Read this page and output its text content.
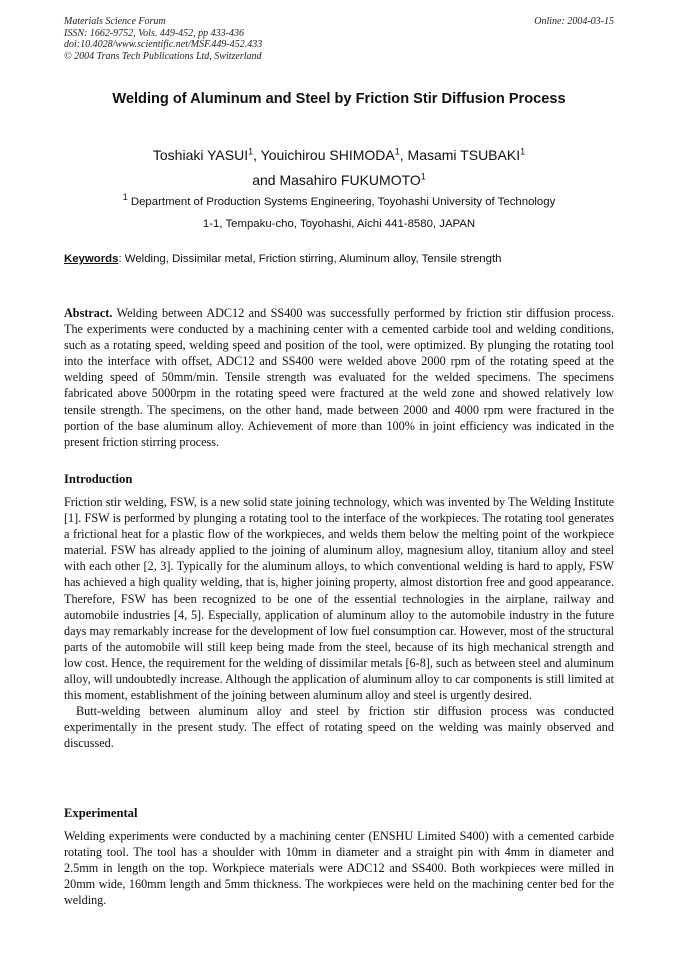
Materials Science Forum
ISSN: 1662-9752, Vols. 449-452, pp 433-436
doi:10.4028/www.scientific.net/MSF.449-452.433
© 2004 Trans Tech Publications Ltd, Switzerland
Online: 2004-03-15
Welding of Aluminum and Steel by Friction Stir Diffusion Process
Toshiaki YASUI$^1$, Youichirou SHIMODA$^1$, Masami TSUBAKI$^1$
and Masahiro FUKUMOTO$^1$
$^1$ Department of Production Systems Engineering, Toyohashi University of Technology
1-1, Tempaku-cho, Toyohashi, Aichi 441-8580, JAPAN
Keywords: Welding, Dissimilar metal, Friction stirring, Aluminum alloy, Tensile strength
Abstract. Welding between ADC12 and SS400 was successfully performed by friction stir diffusion process. The experiments were conducted by a machining center with a cemented carbide tool and welding conditions, such as a rotating speed, welding speed and position of the tool, were optimized. By plunging the rotating tool into the interface with offset, ADC12 and SS400 were welded above 2000 rpm of the rotating speed at the welding speed of 50mm/min. Tensile strength was evaluated for the welded specimens. The specimens fabricated above 5000rpm in the rotating speed were fractured at the weld zone and showed relatively low tensile strength. The specimens, on the other hand, made between 2000 and 4000 rpm were fractured in the portion of the base aluminum alloy. Achievement of more than 100% in joint efficiency was indicated in the present friction stirring process.
Introduction
Friction stir welding, FSW, is a new solid state joining technology, which was invented by The Welding Institute [1]. FSW is performed by plunging a rotating tool to the interface of the workpieces. The rotating tool generates a frictional heat for a plastic flow of the workpieces, and welds them below the melting point of the workpiece material. FSW has already applied to the joining of aluminum alloy, magnesium alloy, titanium alloy and steel with each other [2, 3]. Typically for the aluminum alloys, to which conventional welding is hard to apply, FSW has achieved a high quality welding, that is, higher joining property, almost distortion free and good appearance. Therefore, FSW has been recognized to be one of the essential technologies in the airplane, railway and automobile industries [4, 5]. Especially, application of aluminum alloy to the automobile industry in the future days may remarkably increase for the development of low fuel consumption car. However, most of the structural parts of the automobile will still keep being made from the steel, because of its high mechanical strength and low cost. Hence, the requirement for the welding of dissimilar metals [6-8], such as between steel and aluminum alloy, will undoubtedly increase. Although the application of aluminum alloy to car components is still limited at this moment, establishment of the joining between aluminum alloy and steel is urgently desired.
Butt-welding between aluminum alloy and steel by friction stir diffusion process was conducted experimentally in the present study. The effect of rotating speed on the welding was mainly observed and discussed.
Experimental
Welding experiments were conducted by a machining center (ENSHU Limited S400) with a cemented carbide rotating tool. The tool has a shoulder with 10mm in diameter and a straight pin with 4mm in diameter and 2.5mm in length on the top. Workpiece materials were ADC12 and SS400. Both workpieces were milled in 20mm wide, 160mm length and 5mm thickness. The workpieces were held on the machining center bed for the welding.
